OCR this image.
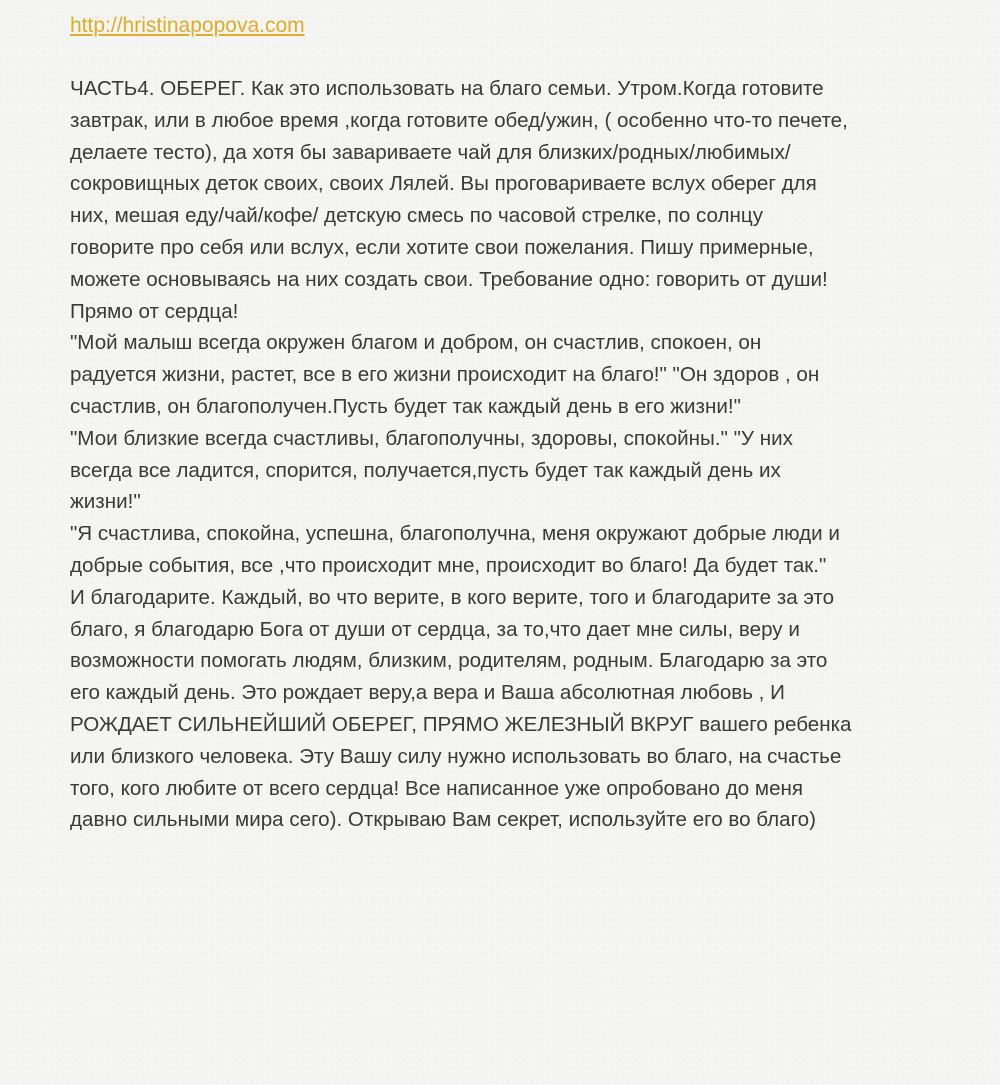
http://hristinapopova.com
ЧАСТЬ4. ОБЕРЕГ. Как это использовать на благо семьи. Утром.Когда готовите
завтрак, или в любое время ,когда готовите обед/ужин, ( особенно что-то печете,
делаете тесто), да хотя бы завариваете чай для близких/родных/любимых/
сокровищных деток своих, своих Лялей. Вы проговариваете вслух оберег для
них, мешая еду/чай/кофе/ детскую смесь по часовой стрелке, по солнцу
говорите про себя или вслух, если хотите свои пожелания. Пишу примерные,
можете основываясь на них создать свои. Требование одно: говорить от души!
Прямо от сердца!
"Мой малыш всегда окружен благом и добром, он счастлив, спокоен, он
радуется жизни, растет, все в его жизни происходит на благо!" "Он здоров , он
счастлив, он благополучен.Пусть будет так каждый день в его жизни!"
"Мои близкие всегда счастливы, благополучны, здоровы, спокойны." "У них
всегда все ладится, спорится, получается,пусть будет так каждый день их
жизни!"
"Я счастлива, спокойна, успешна, благополучна, меня окружают добрые люди и
добрые события, все ,что происходит мне, происходит во благо! Да будет так."
И благодарите. Каждый, во что верите, в кого верите, того и благодарите за это
благо, я благодарю Бога от души от сердца, за то,что дает мне силы, веру и
возможности помогать людям, близким, родителям, родным. Благодарю за это
его каждый день. Это рождает веру,а вера и Ваша абсолютная любовь , И
РОЖДАЕТ СИЛЬНЕЙШИЙ ОБЕРЕГ, ПРЯМО ЖЕЛЕЗНЫЙ ВКРУГ вашего ребенка
или близкого человека. Эту Вашу силу нужно использовать во благо, на счастье
того, кого любите от всего сердца! Все написанное уже опробовано до меня
давно сильными мира сего). Открываю Вам секрет, используйте его во благо)
